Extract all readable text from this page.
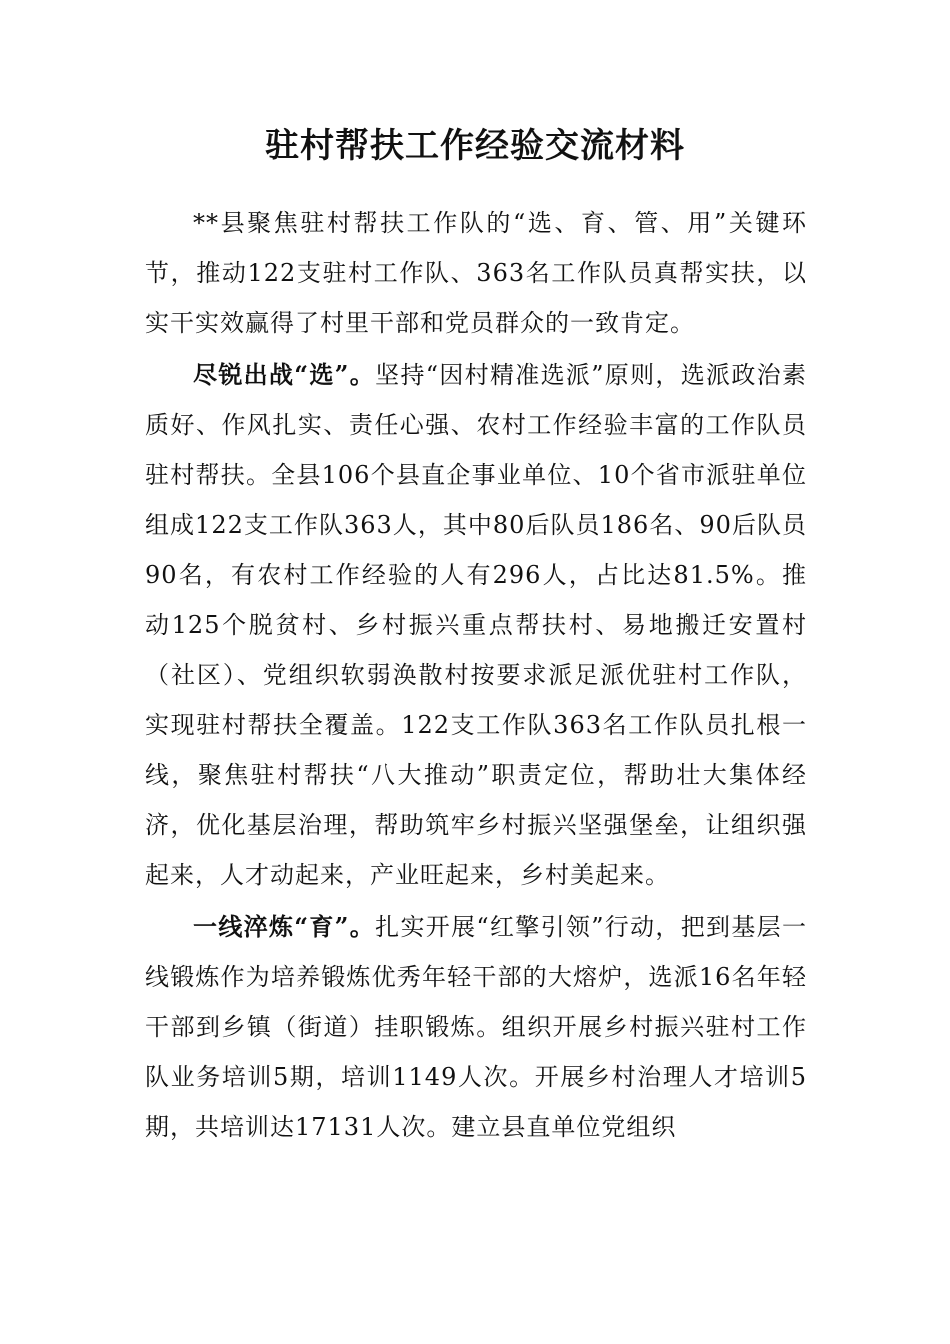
驻村帮扶工作经验交流材料

**县聚焦驻村帮扶工作队的“选、育、管、用”关键环节，推动122支驻村工作队、363名工作队员真帮实扶，以实干实效赢得了村里干部和党员群众的一致肯定。

尽锐出战“选”。坚持“因村精准选派”原则，选派政治素质好、作风扎实、责任心强、农村工作经验丰富的工作队员驻村帮扶。全县106个县直企事业单位、10个省市派驻单位组成122支工作队363人，其中80后队员186名、90后队员90名，有农村工作经验的人有296人，占比达81.5%。推动125个脱贫村、乡村振兴重点帮扶村、易地搬迁安置村（社区）、党组织软弱涣散村按要求派足派优驻村工作队，实现驻村帮扶全覆盖。122支工作队363名工作队员扎根一线，聚焦驻村帮扶“八大推动”职责定位，帮助壮大集体经济，优化基层治理，帮助筑牢乡村振兴坚强堡垒，让组织强起来，人才动起来，产业旺起来，乡村美起来。

一线淬炼“育”。扎实开展“红擎引领”行动，把到基层一线锻炼作为培养锻炼优秀年轻干部的大熔炉，选派16名年轻干部到乡镇（街道）挂职锻炼。组织开展乡村振兴驻村工作队业务培训5期，培训1149人次。开展乡村治理人才培训5期，共培训达17131人次。建立县直单位党组织
